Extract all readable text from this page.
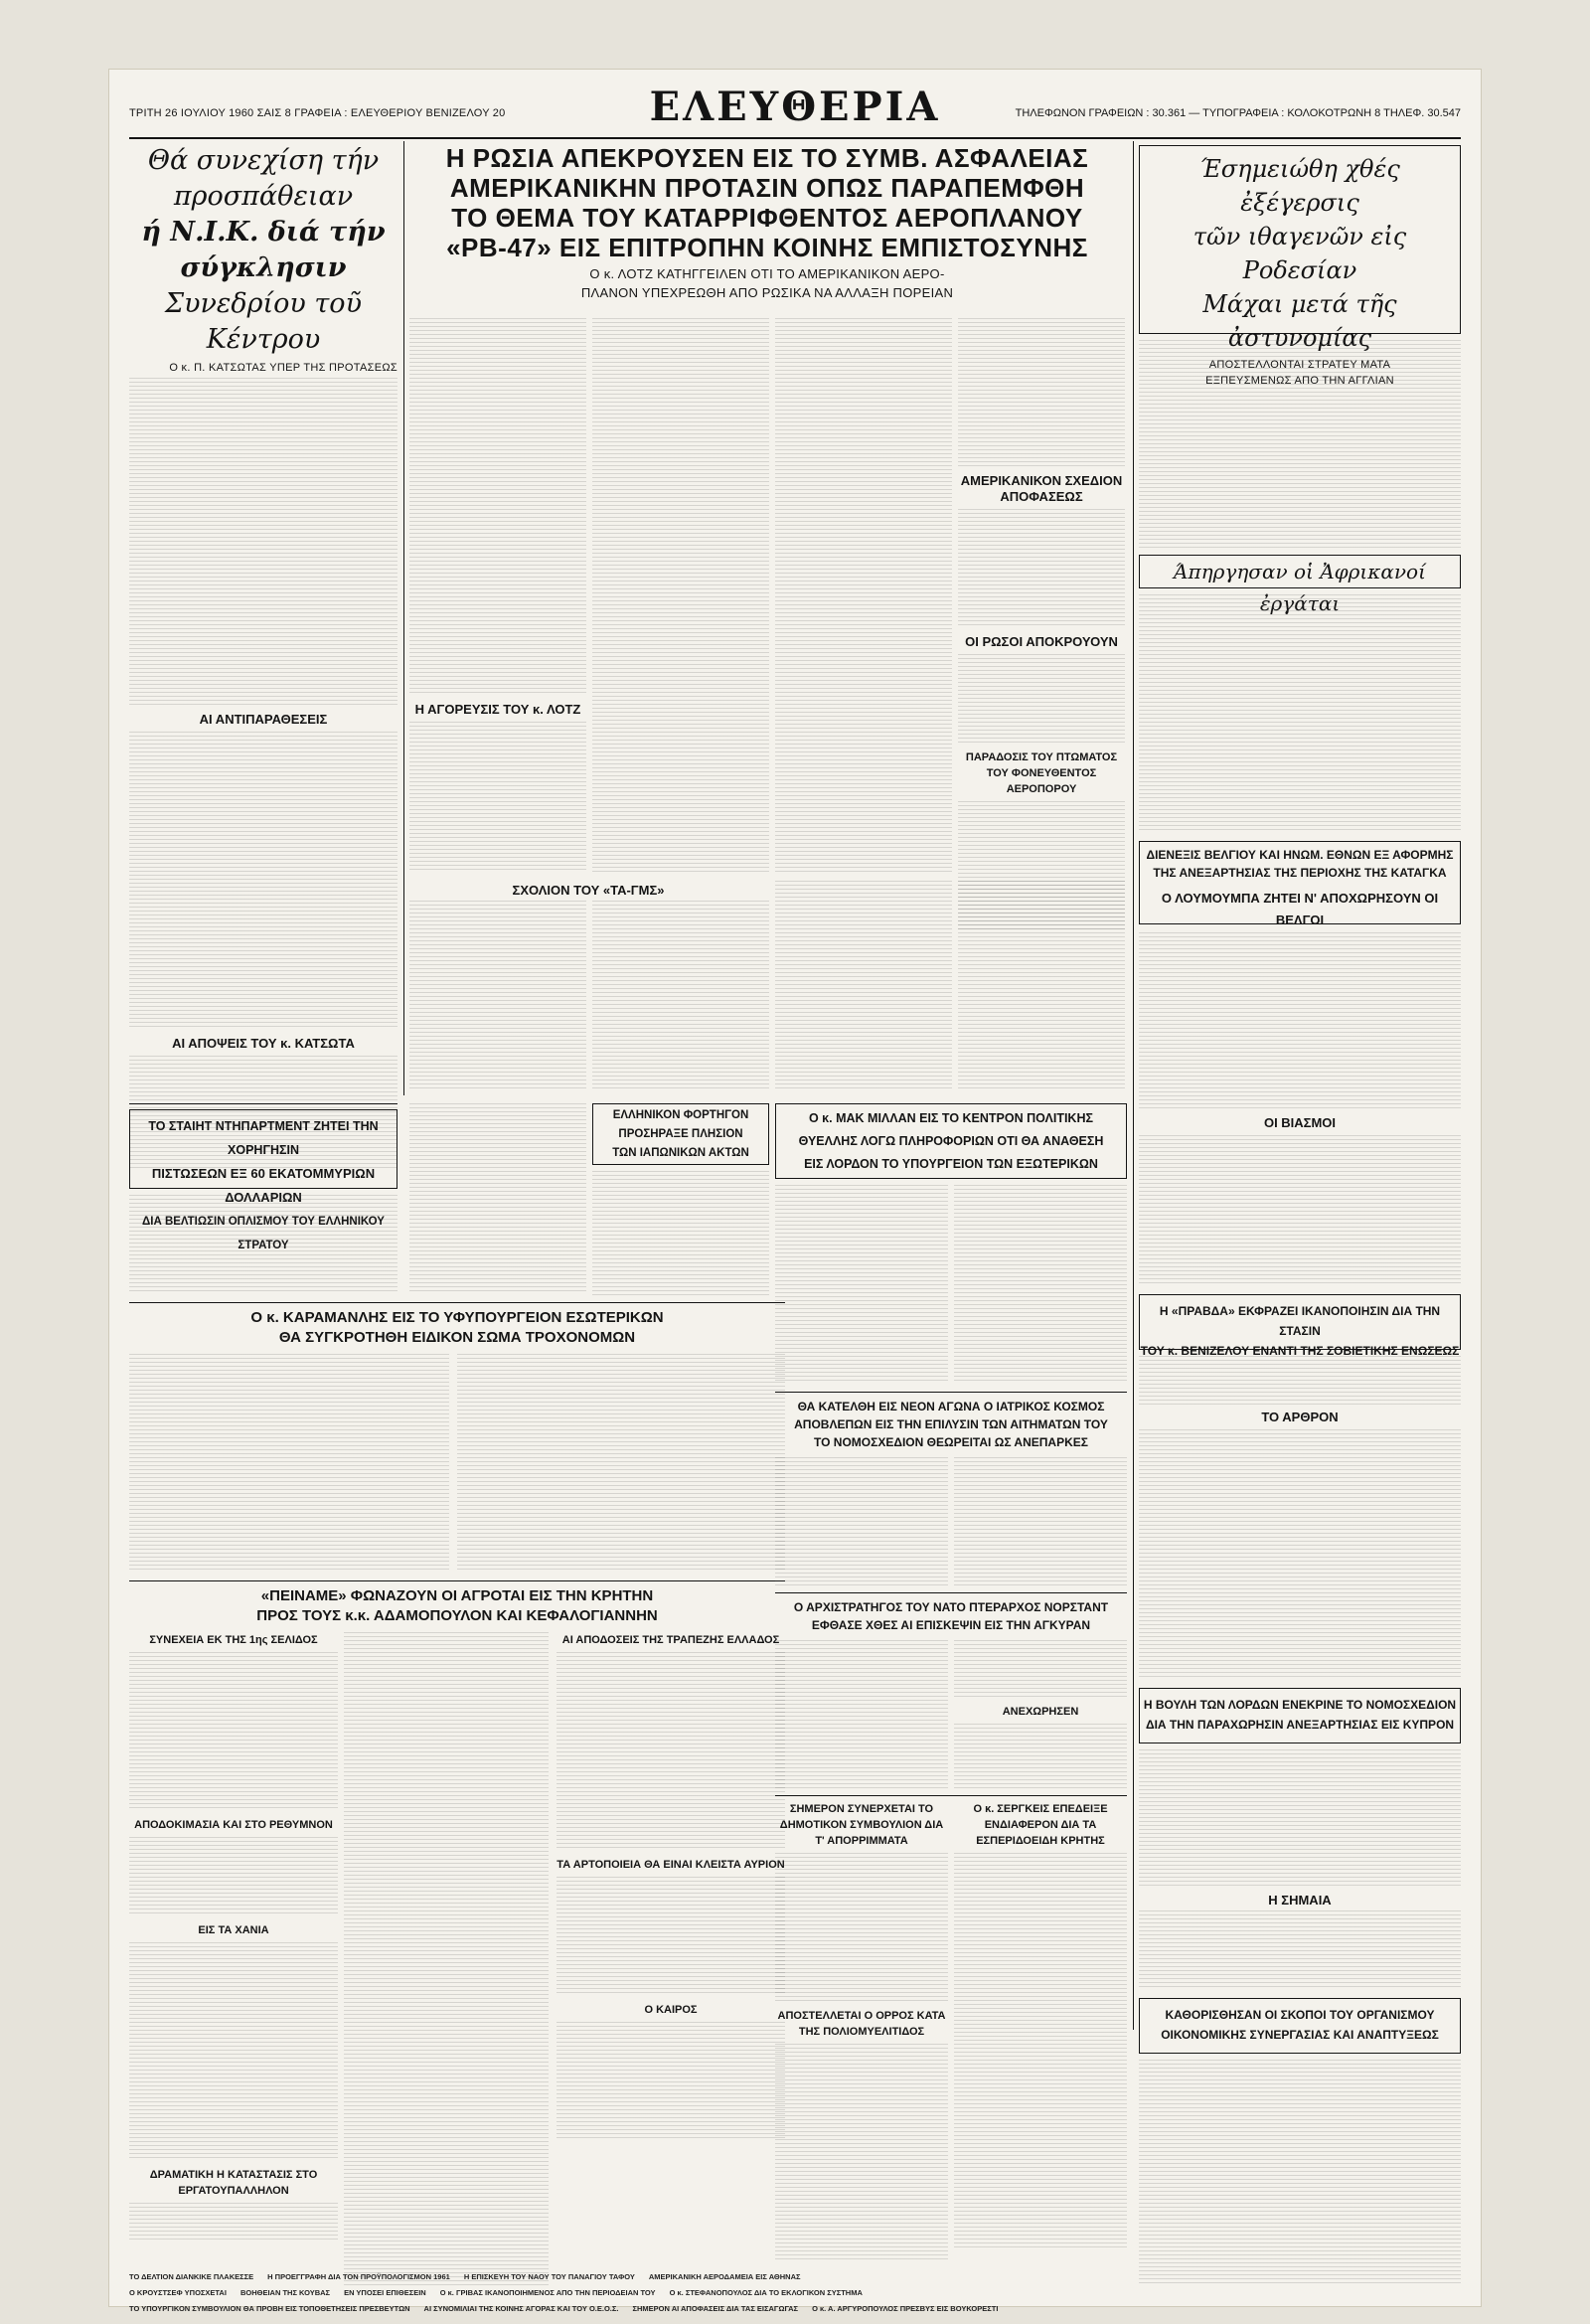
ΤΡΙΤΗ 26 ΙΟΥΛΙΟΥ 1960 ΣΑΙΣ 8 ΓΡΑΦΕΙΑ : ΕΛΕΥΘΕΡΙΟΥ ΒΕΝΙΖΕΛΟΥ 20	ΕΛΕΥΘΕΡΙΑ	ΤΗΛΕΦΩΝΟΝ ΓΡΑΦΕΙΩΝ : 30.361 — ΤΥΠΟΓΡΑΦΕΙΑ : ΚΟΛΟΚΟΤΡΩΝΗ 8 ΤΗΛΕΦ. 30.547
Θά συνεχίση τήν προσπάθειαν
ή Ν.Ι.Κ. διά τήν σύγκλησιν
Συνεδρίου τοῦ Κέντρου
Ο κ. Π. ΚΑΤΣΩΤΑΣ ΥΠΕΡ ΤΗΣ ΠΡΟΤΑΣΕΩΣ
ΑΙ ΑΝΤΙΠΑΡΑΘΕΣΕΙΣ
ΑΙ ΑΠΟΨΕΙΣ ΤΟΥ κ. ΚΑΤΣΩΤΑ
Η ΡΩΣΙΑ ΑΠΕΚΡΟΥΣΕΝ ΕΙΣ ΤΟ ΣΥΜΒ. ΑΣΦΑΛΕΙΑΣ
ΑΜΕΡΙΚΑΝΙΚΗΝ ΠΡΟΤΑΣΙΝ ΟΠΩΣ ΠΑΡΑΠΕΜΦΘΗ
ΤΟ ΘΕΜΑ ΤΟΥ ΚΑΤΑΡΡΙΦΘΕΝΤΟΣ ΑΕΡΟΠΛΑΝΟΥ
«ΡΒ-47» ΕΙΣ ΕΠΙΤΡΟΠΗΝ ΚΟΙΝΗΣ ΕΜΠΙΣΤΟΣΥΝΗΣ
Ο κ. ΛΟΤΖ ΚΑΤΗΓΓΕΙΛΕΝ ΟΤΙ ΤΟ ΑΜΕΡΙΚΑΝΙΚΟΝ ΑΕΡΟ-
ΠΛΑΝΟΝ ΥΠΕΧΡΕΩΘΗ ΑΠΟ ΡΩΣΙΚΑ ΝΑ ΑΛΛΑΞΗ ΠΟΡΕΙΑΝ
Η ΑΓΟΡΕΥΣΙΣ ΤΟΥ κ. ΛΟΤΖ
ΑΜΕΡΙΚΑΝΙΚΟΝ ΣΧΕΔΙΟΝ ΑΠΟΦΑΣΕΩΣ
ΟΙ ΡΩΣΟΙ ΑΠΟΚΡΟΥΟΥΝ
ΠΑΡΑΔΟΣΙΣ ΤΟΥ ΠΤΩΜΑΤΟΣ ΤΟΥ ΦΟΝΕΥΘΕΝΤΟΣ ΑΕΡΟΠΟΡΟΥ
Έσημειώθη χθές ἐξέγερσις
τῶν ιθαγενῶν εἰς Ροδεσίαν
Μάχαι μετά τῆς ἀστυνομίας
ΑΠΟΣΤΕΛΛΟΝΤΑΙ ΣΤΡΑΤΕΥ ΜΑΤΑ
ΕΞΠΕΥΣΜΕΝΩΣ ΑΠΟ ΤΗΝ ΑΓΓΛΙΑΝ
Άπηργησαν οἱ Ἀφρικανοί ἐργάται
ΔΙΕΝΕΞΙΣ ΒΕΛΓΙΟΥ ΚΑΙ ΗΝΩΜ. ΕΘΝΩΝ ΕΞ ΑΦΟΡΜΗΣ
ΤΗΣ ΑΝΕΞΑΡΤΗΣΙΑΣ ΤΗΣ ΠΕΡΙΟΧΗΣ ΤΗΣ ΚΑΤΑΓΚΑ
Ο ΛΟΥΜΟΥΜΠΑ ΖΗΤΕΙ Ν' ΑΠΟΧΩΡΗΣΟΥΝ ΟΙ ΒΕΛΓΟΙ
ΟΙ ΒΙΑΣΜΟΙ
Η «ΠΡΑΒΔΑ» ΕΚΦΡΑΖΕΙ ΙΚΑΝΟΠΟΙΗΣΙΝ ΔΙΑ ΤΗΝ ΣΤΑΣΙΝ
ΤΟΥ κ. ΒΕΝΙΖΕΛΟΥ ΕΝΑΝΤΙ ΤΗΣ ΣΟΒΙΕΤΙΚΗΣ ΕΝΩΣΕΩΣ
ΤΟ ΑΡΘΡΟΝ
Η ΒΟΥΛΗ ΤΩΝ ΛΟΡΔΩΝ ΕΝΕΚΡΙΝΕ ΤΟ ΝΟΜΟΣΧΕΔΙΟΝ
ΔΙΑ ΤΗΝ ΠΑΡΑΧΩΡΗΣΙΝ ΑΝΕΞΑΡΤΗΣΙΑΣ ΕΙΣ ΚΥΠΡΟΝ
Η ΣΗΜΑΙΑ
ΚΑΘΟΡΙΣΘΗΣΑΝ ΟΙ ΣΚΟΠΟΙ ΤΟΥ ΟΡΓΑΝΙΣΜΟΥ
ΟΙΚΟΝΟΜΙΚΗΣ ΣΥΝΕΡΓΑΣΙΑΣ ΚΑΙ ΑΝΑΠΤΥΞΕΩΣ
ΤΟ ΣΤΑΙΗΤ ΝΤΗΠΑΡΤΜΕΝΤ ΖΗΤΕΙ ΤΗΝ ΧΟΡΗΓΗΣΙΝ
ΠΙΣΤΩΣΕΩΝ ΕΞ 60 ΕΚΑΤΟΜΜΥΡΙΩΝ ΔΟΛΛΑΡΙΩΝ
ΔΙΑ ΒΕΛΤΙΩΣΙΝ ΟΠΛΙΣΜΟΥ ΤΟΥ ΕΛΛΗΝΙΚΟΥ ΣΤΡΑΤΟΥ
ΣΧΟΛΙΟΝ ΤΟΥ «ΤΑ-ΓΜΣ»
Ο κ. ΚΑΡΑΜΑΝΛΗΣ ΕΙΣ ΤΟ ΥΦΥΠΟΥΡΓΕΙΟΝ ΕΣΩΤΕΡΙΚΩΝ
ΘΑ ΣΥΓΚΡΟΤΗΘΗ ΕΙΔΙΚΟΝ ΣΩΜΑ ΤΡΟΧΟΝΟΜΩΝ
«ΠΕΙΝΑΜΕ» ΦΩΝΑΖΟΥΝ ΟΙ ΑΓΡΟΤΑΙ ΕΙΣ ΤΗΝ ΚΡΗΤΗΝ
ΠΡΟΣ ΤΟΥΣ κ.κ. ΑΔΑΜΟΠΟΥΛΟΝ ΚΑΙ ΚΕΦΑΛΟΓΙΑΝΝΗΝ
ΣΥΝΕΧΕΙΑ ΕΚ ΤΗΣ 1ης ΣΕΛΙΔΟΣ
ΑΠΟΔΟΚΙΜΑΣΙΑ ΚΑΙ ΣΤΟ ΡΕΘΥΜΝΟΝ
ΕΙΣ ΤΑ ΧΑΝΙΑ
ΔΡΑΜΑΤΙΚΗ Η ΚΑΤΑΣΤΑΣΙΣ ΣΤΟ ΕΡΓΑΤΟΥΠΑΛΛΗΛΟΝ
ΕΛΛΗΝΙΚΟΝ ΦΟΡΤΗΓΟΝ
ΠΡΟΣΗΡΑΞΕ ΠΛΗΣΙΟΝ
ΤΩΝ ΙΑΠΩΝΙΚΩΝ ΑΚΤΩΝ
ΑΙ ΑΠΟΔΟΣΕΙΣ ΤΗΣ ΤΡΑΠΕΖΗΣ ΕΛΛΑΔΟΣ
ΤΑ ΑΡΤΟΠΟΙΕΙΑ ΘΑ ΕΙΝΑΙ ΚΛΕΙΣΤΑ ΑΥΡΙΟΝ
Ο ΚΑΙΡΟΣ
Ο κ. ΜΑΚ ΜΙΛΛΑΝ ΕΙΣ ΤΟ ΚΕΝΤΡΟΝ ΠΟΛΙΤΙΚΗΣ
ΘΥΕΛΛΗΣ ΛΟΓΩ ΠΛΗΡΟΦΟΡΙΩΝ ΟΤΙ ΘΑ ΑΝΑΘΕΣΗ
ΕΙΣ ΛΟΡΔΟΝ ΤΟ ΥΠΟΥΡΓΕΙΟΝ ΤΩΝ ΕΞΩΤΕΡΙΚΩΝ
ΘΑ ΚΑΤΕΛΘΗ ΕΙΣ ΝΕΟΝ ΑΓΩΝΑ Ο ΙΑΤΡΙΚΟΣ ΚΟΣΜΟΣ
ΑΠΟΒΛΕΠΩΝ ΕΙΣ ΤΗΝ ΕΠΙΛΥΣΙΝ ΤΩΝ ΑΙΤΗΜΑΤΩΝ ΤΟΥ
ΤΟ ΝΟΜΟΣΧΕΔΙΟΝ ΘΕΩΡΕΙΤΑΙ ΩΣ ΑΝΕΠΑΡΚΕΣ
Ο ΑΡΧΙΣΤΡΑΤΗΓΟΣ ΤΟΥ ΝΑΤΟ ΠΤΕΡΑΡΧΟΣ ΝΟΡΣΤΑΝΤ
ΕΦΘΑΣΕ ΧΘΕΣ ΑΙ ΕΠΙΣΚΕΨΙΝ ΕΙΣ ΤΗΝ ΑΓΚΥΡΑΝ
ΑΝΕΧΩΡΗΣΕΝ
ΣΗΜΕΡΟΝ ΣΥΝΕΡΧΕΤΑΙ ΤΟ ΔΗΜΟΤΙΚΟΝ ΣΥΜΒΟΥΛΙΟΝ ΔΙΑ Τ' ΑΠΟΡΡΙΜΜΑΤΑ
ΑΠΟΣΤΕΛΛΕΤΑΙ Ο ΟΡΡΟΣ ΚΑΤΑ ΤΗΣ ΠΟΛΙΟΜΥΕΛΙΤΙΔΟΣ
Ο κ. ΣΕΡΓΚΕΙΣ ΕΠΕΔΕΙΞΕ ΕΝΔΙΑΦΕΡΟΝ ΔΙΑ ΤΑ ΕΣΠΕΡΙΔΟΕΙΔΗ ΚΡΗΤΗΣ
Ο ΚΡΟΥΣΤΣΕΦ ΥΠΟΣΧΕΤΑΙ ΒΟΗΘΕΙΑΝ ΤΗΣ ΚΟΥΒΑΣ ΕΝ ΥΠΟΣΕΙ ΕΠΙΘΕΣΕΙΝ Ο κ. ΓΡΙΒΑΣ ΙΚΑΝΟΠΟΙΗΜΕΝΟΣ ΑΠΟ ΤΗΝ ΠΕΡΙΟΔΕΙΑΝ ΤΟΥ Ο κ. ΣΤΕΦΑΝΟΠΟΥΛΟΣ ΔΙΑ ΤΟ ΕΚΛΟΓΙΚΟΝ ΣΥΣΤΗΜΑ
ΤΟ ΥΠΟΥΡΓΙΚΟΝ ΣΥΜΒΟΥΛΙΟΝ ΘΑ ΠΡΟΒΗ ΕΙΣ ΤΟΠΟΘΕΤΗΣΕΙΣ ΠΡΕΣΒΕΥΤΩΝ ΑΙ ΣΥΝΟΜΙΛΙΑΙ ΤΗΣ ΚΟΙΝΗΣ ΑΓΟΡΑΣ ΚΑΙ ΤΟΥ Ο.Ε.Ο.Σ. ΣΗΜΕΡΟΝ ΑΙ ΑΠΟΦΑΣΕΙΣ ΔΙΑ ΤΑΣ ΕΙΣΑΓΩΓΑΣ Ο κ. Α. ΑΡΓΥΡΟΠΟΥΛΟΣ ΠΡΕΣΒΥΣ ΕΙΣ ΒΟΥΚΟΡΕΣΤΙ
ΤΟ ΔΕΛΤΙΟΝ ΔΙΑΝΚΙΚΕ ΠΛΑΚΕΣΣΕ Η ΠΡΟΕΓΓΡΑΦΗ ΔΙΑ ΤΟΝ ΠΡΟΫΠΟΛΟΓΙΣΜΟΝ 1961 Η ΕΠΙΣΚΕΥΗ ΤΟΥ ΝΑΟΥ ΤΟΥ ΠΑΝΑΓΙΟΥ ΤΑΦΟΥ ΑΜΕΡΙΚΑΝΙΚΗ ΑΕΡΟΔΑΜΕΙΑ ΕΙΣ ΑΘΗΝΑΣ
